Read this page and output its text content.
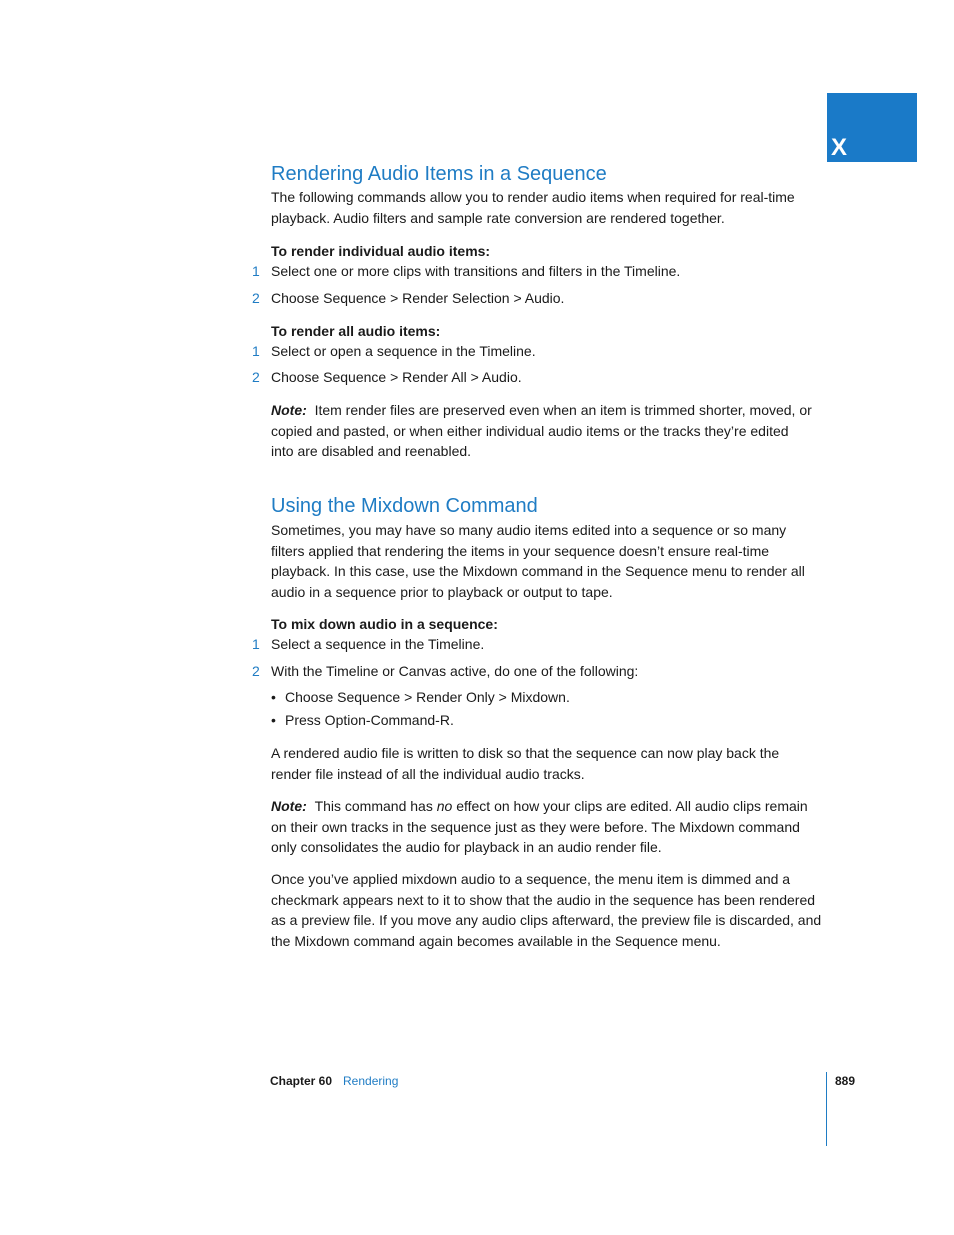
X
Rendering Audio Items in a Sequence

The following commands allow you to render audio items when required for real-time
playback. Audio filters and sample rate conversion are rendered together.

To render individual audio items:
1 Select one or more clips with transitions and filters in the Timeline.
2 Choose Sequence > Render Selection > Audio.
To render all audio items:
1 Select or open a sequence in the Timeline.
2 Choose Sequence > Render All > Audio.

Note: Item render files are preserved even when an item is trimmed shorter, moved, or
copied and pasted, or when either individual audio items or the tracks they’re edited
into are disabled and reenabled.

Using the Mixdown Command

Sometimes, you may have so many audio items edited into a sequence or so many
filters applied that rendering the items in your sequence doesn’t ensure real-time
playback. In this case, use the Mixdown command in the Sequence menu to render all
audio in a sequence prior to playback or output to tape.

To mix down audio in a sequence:
1 Select a sequence in the Timeline.
2 With the Timeline or Canvas active, do one of the following:
• Choose Sequence > Render Only > Mixdown.
• Press Option-Command-R.

A rendered audio file is written to disk so that the sequence can now play back the
render file instead of all the individual audio tracks.

Note: This command has no effect on how your clips are edited. All audio clips remain
on their own tracks in the sequence just as they were before. The Mixdown command
only consolidates the audio for playback in an audio render file.

Once you’ve applied mixdown audio to a sequence, the menu item is dimmed and a
checkmark appears next to it to show that the audio in the sequence has been rendered
as a preview file. If you move any audio clips afterward, the preview file is discarded, and
the Mixdown command again becomes available in the Sequence menu.

Chapter 60 Rendering	889
